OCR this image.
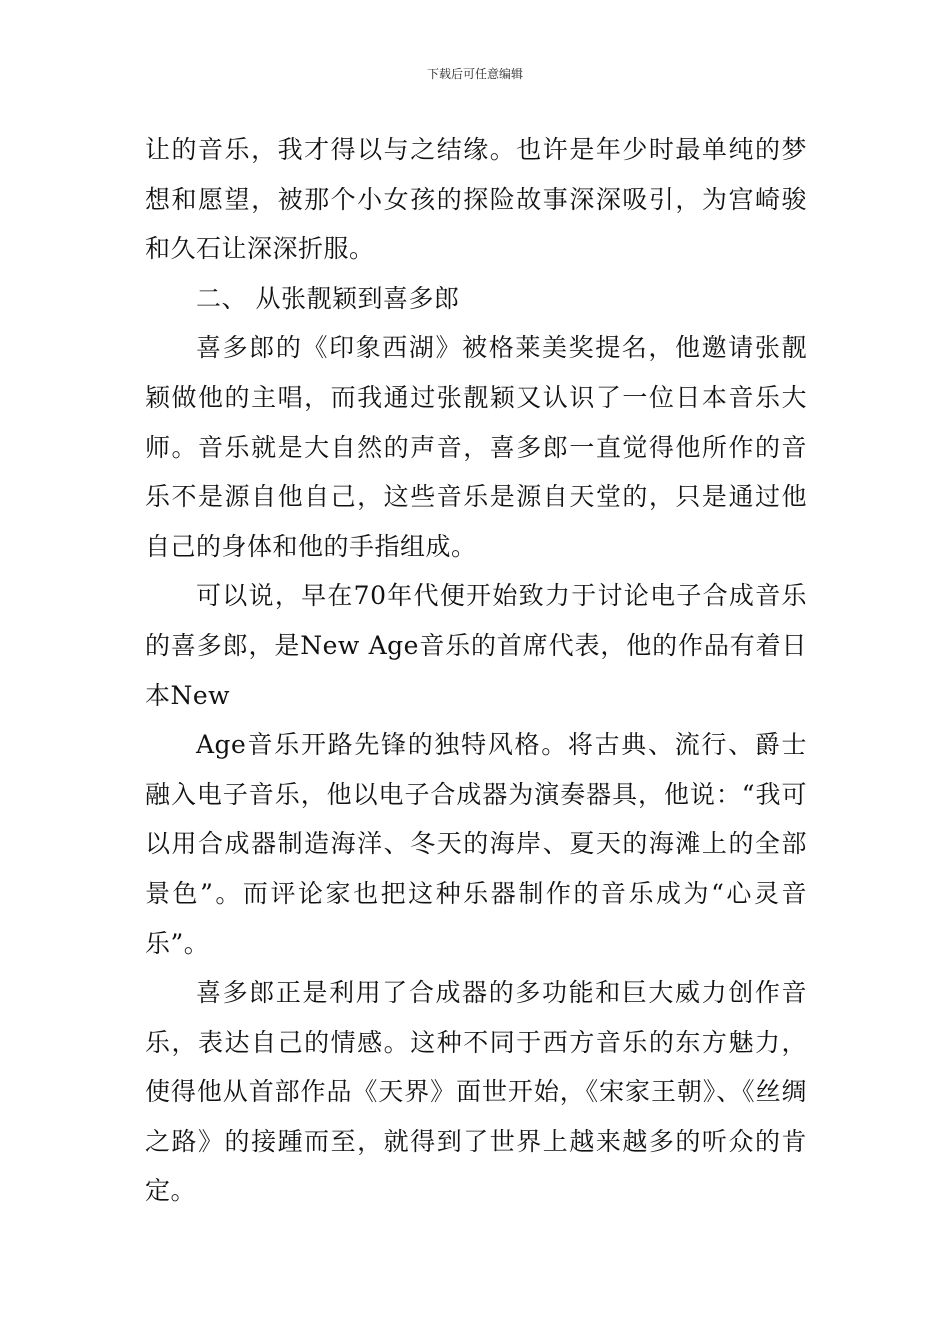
下载后可任意编辑

让的音乐，我才得以与之结缘。也许是年少时最单纯的梦想和愿望，被那个小女孩的探险故事深深吸引，为宫崎骏和久石让深深折服。

二、 从张靓颖到喜多郎

喜多郎的《印象西湖》被格莱美奖提名，他邀请张靓颖做他的主唱，而我通过张靓颖又认识了一位日本音乐大师。音乐就是大自然的声音，喜多郎一直觉得他所作的音乐不是源自他自己，这些音乐是源自天堂的，只是通过他自己的身体和他的手指组成。

可以说，早在70年代便开始致力于讨论电子合成音乐的喜多郎，是New Age音乐的首席代表，他的作品有着日本New

Age音乐开路先锋的独特风格。将古典、流行、爵士融入电子音乐，他以电子合成器为演奏器具，他说：“我可以用合成器制造海洋、冬天的海岸、夏天的海滩上的全部景色”。而评论家也把这种乐器制作的音乐成为“心灵音乐”。

喜多郎正是利用了合成器的多功能和巨大威力创作音乐，表达自己的情感。这种不同于西方音乐的东方魅力，使得他从首部作品《天界》面世开始，《宋家王朝》、《丝绸之路》的接踵而至，就得到了世界上越来越多的听众的肯定。
